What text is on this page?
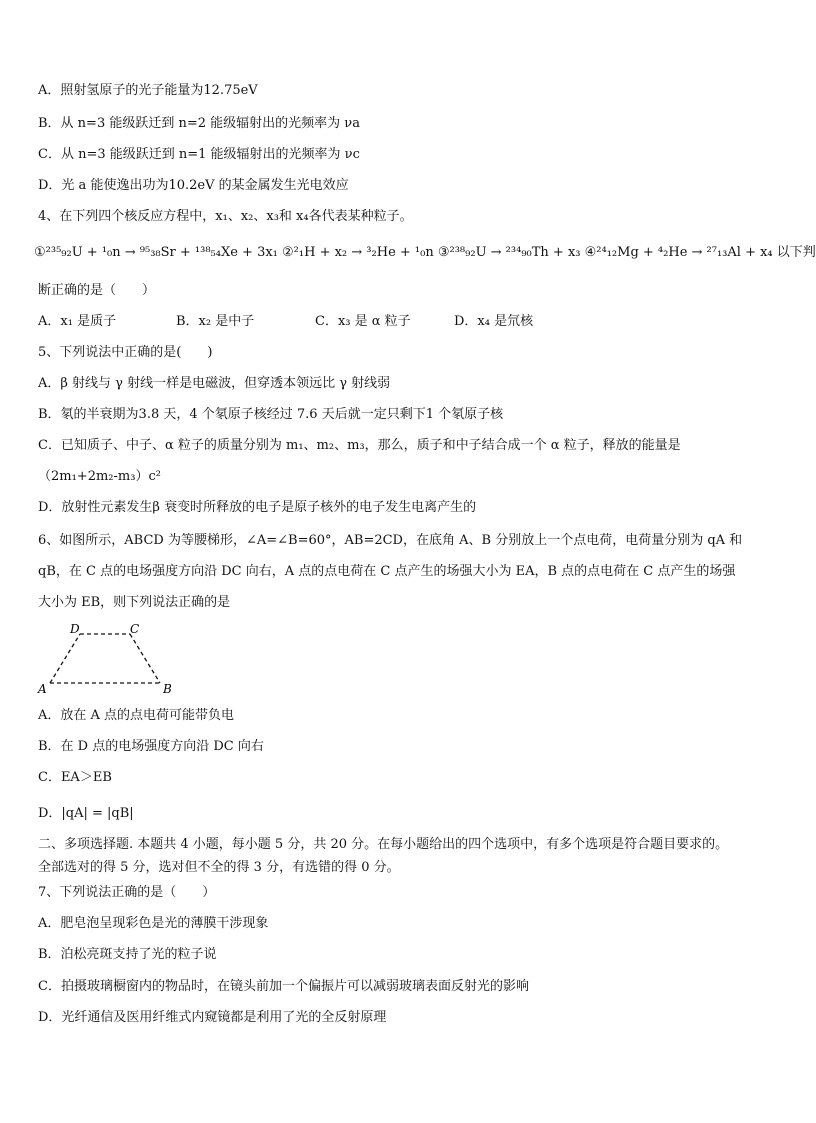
A．照射氢原子的光子能量为12.75eV
B．从 n=3 能级跃迁到 n=2 能级辐射出的光频率为 νa
C．从 n=3 能级跃迁到 n=1 能级辐射出的光频率为 νc
D．光 a 能使逸出功为10.2eV 的某金属发生光电效应
4、在下列四个核反应方程中，x₁、x₂、x₃和 x₄各代表某种粒子。
①²³⁵₉₂U + ¹₀n → ⁹⁵₃₈Sr + ¹³⁸₅₄Xe + 3x₁ ②²₁H + x₂ → ³₂He + ¹₀n ③²³⁸₉₂U → ²³⁴₉₀Th + x₃ ④²⁴₁₂Mg + ⁴₂He → ²⁷₁₃Al + x₄ 以下判
断正确的是（　　）
A．x₁ 是质子	B．x₂ 是中子	C．x₃ 是 α 粒子	D．x₄ 是氘核
5、下列说法中正确的是(　　)
A．β 射线与 γ 射线一样是电磁波，但穿透本领远比 γ 射线弱
B．氡的半衰期为3.8 天，4 个氡原子核经过 7.6 天后就一定只剩下1 个氡原子核
C．已知质子、中子、α 粒子的质量分别为 m₁、m₂、m₃，那么，质子和中子结合成一个 α 粒子，释放的能量是
（2m₁+2m₂-m₃）c²
D．放射性元素发生β 衰变时所释放的电子是原子核外的电子发生电离产生的
6、如图所示，ABCD 为等腰梯形，∠A=∠B=60°，AB=2CD，在底角 A、B 分别放上一个点电荷，电荷量分别为 qA 和
qB，在 C 点的电场强度方向沿 DC 向右，A 点的点电荷在 C 点产生的场强大小为 EA，B 点的点电荷在 C 点产生的场强
大小为 EB，则下列说法正确的是
D	C
A	B
A．放在 A 点的点电荷可能带负电
B．在 D 点的电场强度方向沿 DC 向右
C．EA＞EB
D．|qA| = |qB|
二、多项选择题. 本题共 4 小题，每小题 5 分，共 20 分。在每小题给出的四个选项中，有多个选项是符合题目要求的。
全部选对的得 5 分，选对但不全的得 3 分，有选错的得 0 分。
7、下列说法正确的是（　　）
A．肥皂泡呈现彩色是光的薄膜干涉现象
B．泊松亮斑支持了光的粒子说
C．拍摄玻璃橱窗内的物品时，在镜头前加一个偏振片可以减弱玻璃表面反射光的影响
D．光纤通信及医用纤维式内窥镜都是利用了光的全反射原理
